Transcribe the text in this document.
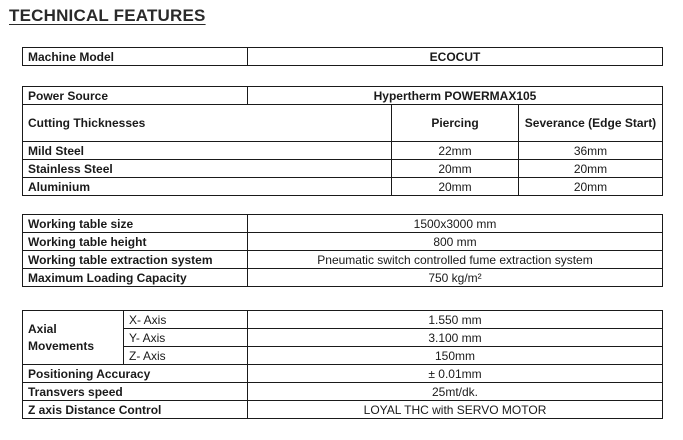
TECHNICAL FEATURES
Machine Model	ECOCUT
Power Source	Hypertherm POWERMAX105		
Cutting Thicknesses		Piercing	Severance (Edge Start)
Mild Steel		22mm	36mm
Stainless Steel		20mm	20mm
Aluminium		20mm	20mm
Working table size	1500x3000 mm
Working table height	800 mm
Working table extraction system	Pneumatic switch controlled fume extraction system
Maximum Loading Capacity	750 kg/m²
Axial Movements	X- Axis	1.550 mm
	Y- Axis	3.100 mm
	Z- Axis	150mm
Positioning Accuracy		± 0.01mm
Transvers speed		25mt/dk.
Z axis Distance Control		LOYAL THC with SERVO MOTOR
